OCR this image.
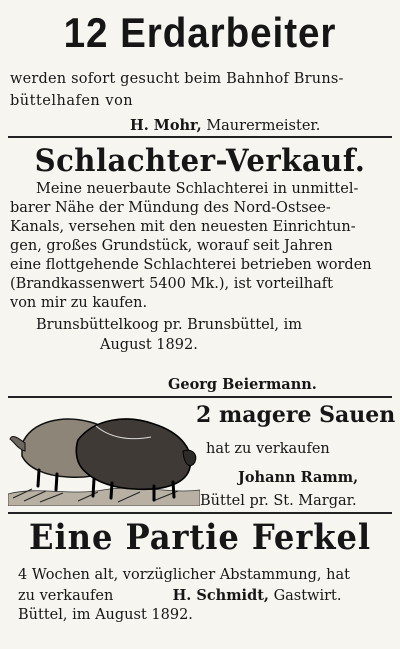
12 Erdarbeiter
werden sofort gesucht beim Bahnhof Bruns-
büttelhafen von
H. Mohr, Maurermeister.
Schlachter-Verkauf.
Meine neuerbaute Schlachterei in unmittel-
barer Nähe der Mündung des Nord-Ostsee-
Kanals, versehen mit den neuesten Einrichtun-
gen, großes Grundstück, worauf seit Jahren
eine flottgehende Schlachterei betrieben worden
(Brandkassenwert 5400 Mk.), ist vorteilhaft
von mir zu kaufen.
Brunsbüttelkoog pr. Brunsbüttel, im
August 1892.
Georg Beiermann.
2 magere Sauen
hat zu verkaufen
Johann Ramm,
Büttel pr. St. Margar.
Eine Partie Ferkel
4 Wochen alt, vorzüglicher Abstammung, hat
zu verkaufen	H. Schmidt, Gastwirt.
Büttel, im August 1892.
